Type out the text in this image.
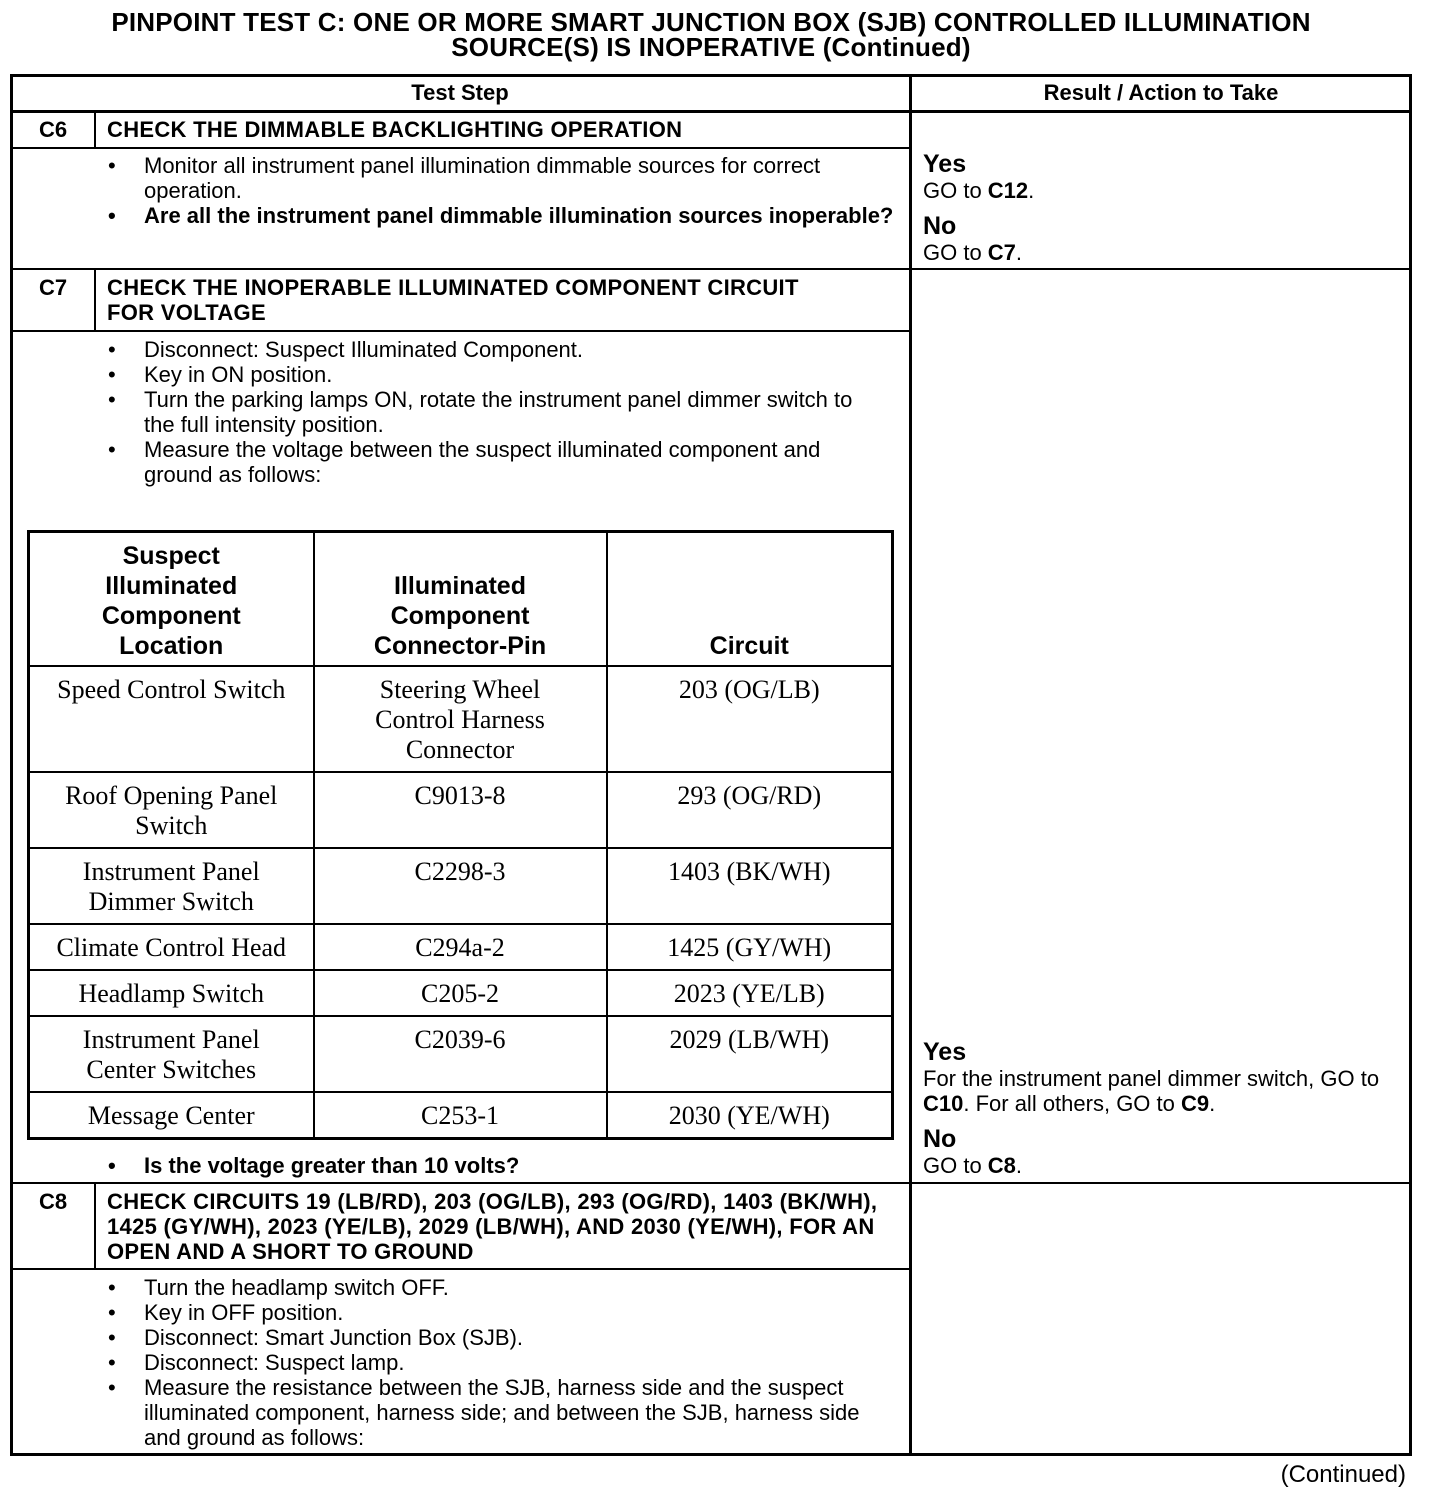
PINPOINT TEST C: ONE OR MORE SMART JUNCTION BOX (SJB) CONTROLLED ILLUMINATION SOURCE(S) IS INOPERATIVE (Continued)
Test Step	Result / Action to Take
C6	CHECK THE DIMMABLE BACKLIGHTING OPERATION
• Monitor all instrument panel illumination dimmable sources for correct operation.
• Are all the instrument panel dimmable illumination sources inoperable?
Yes
GO to C12.
No
GO to C7.
C7	CHECK THE INOPERABLE ILLUMINATED COMPONENT CIRCUIT FOR VOLTAGE
• Disconnect: Suspect Illuminated Component.
• Key in ON position.
• Turn the parking lamps ON, rotate the instrument panel dimmer switch to the full intensity position.
• Measure the voltage between the suspect illuminated component and ground as follows:
Suspect Illuminated Component Location	Illuminated Component Connector-Pin	Circuit
Speed Control Switch	Steering Wheel Control Harness Connector	203 (OG/LB)
Roof Opening Panel Switch	C9013-8	293 (OG/RD)
Instrument Panel Dimmer Switch	C2298-3	1403 (BK/WH)
Climate Control Head	C294a-2	1425 (GY/WH)
Headlamp Switch	C205-2	2023 (YE/LB)
Instrument Panel Center Switches	C2039-6	2029 (LB/WH)
Message Center	C253-1	2030 (YE/WH)
• Is the voltage greater than 10 volts?
Yes
For the instrument panel dimmer switch, GO to C10. For all others, GO to C9.
No
GO to C8.
C8	CHECK CIRCUITS 19 (LB/RD), 203 (OG/LB), 293 (OG/RD), 1403 (BK/WH), 1425 (GY/WH), 2023 (YE/LB), 2029 (LB/WH), AND 2030 (YE/WH), FOR AN OPEN AND A SHORT TO GROUND
• Turn the headlamp switch OFF.
• Key in OFF position.
• Disconnect: Smart Junction Box (SJB).
• Disconnect: Suspect lamp.
• Measure the resistance between the SJB, harness side and the suspect illuminated component, harness side; and between the SJB, harness side and ground as follows:
(Continued)
